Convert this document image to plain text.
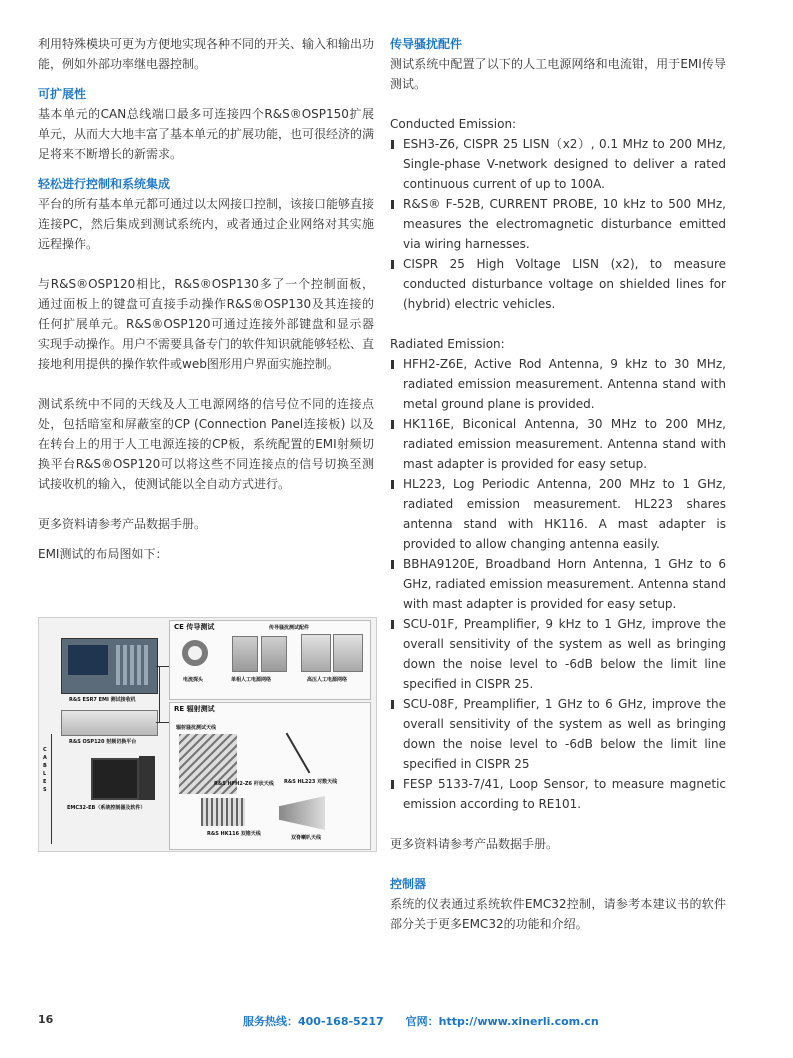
利用特殊模块可更为方便地实现各种不同的开关、输入和输出功能，例如外部功率继电器控制。

可扩展性

基本单元的CAN总线端口最多可连接四个R&S®OSP150扩展单元，从而大大地丰富了基本单元的扩展功能，也可很经济的满足将来不断增长的新需求。

轻松进行控制和系统集成

平台的所有基本单元都可通过以太网接口控制，该接口能够直接连接PC，然后集成到测试系统内，或者通过企业网络对其实施远程操作。

与R&S®OSP120相比，R&S®OSP130多了一个控制面板，通过面板上的键盘可直接手动操作R&S®OSP130及其连接的任何扩展单元。R&S®OSP120可通过连接外部键盘和显示器实现手动操作。用户不需要具备专门的软件知识就能够轻松、直接地利用提供的操作软件或web图形用户界面实施控制。

测试系统中不同的天线及人工电源网络的信号位不同的连接点处，包括暗室和屏蔽室的CP (Connection Panel连接板) 以及在转台上的用于人工电源连接的CP板，系统配置的EMI射频切换平台R&S®OSP120可以将这些不同连接点的信号切换至测试接收机的输入，使测试能以全自动方式进行。

更多资料请参考产品数据手册。

EMI测试的布局图如下：

CE 传导测试	传导骚扰测试配件
电流探头	单相人工电源网络	高压人工电源网络
R&S ESR7 EMI 测试接收机
R&S OSP120 射频切换平台
CABLES
EMC32-EB（系统控制器及软件）
RE 辐射测试
辐射骚扰测试天线
R&S HFH2-Z6 杆状天线 R&S HL223 对数天线
R&S HK116 双锥天线
双脊喇叭天线

传导骚扰配件

测试系统中配置了以下的人工电源网络和电流钳，用于EMI传导测试。

Conducted Emission:

ESH3-Z6, CISPR 25 LISN（x2）, 0.1 MHz to 200 MHz, Single-phase V-network designed to deliver a rated continuous current of up to 100A.
R&S® F-52B, CURRENT PROBE, 10 kHz to 500 MHz, measures the electromagnetic disturbance emitted via wiring harnesses.
CISPR 25 High Voltage LISN (x2), to measure conducted disturbance voltage on shielded lines for (hybrid) electric vehicles.

Radiated Emission:

HFH2-Z6E, Active Rod Antenna, 9 kHz to 30 MHz, radiated emission measurement. Antenna stand with metal ground plane is provided.
HK116E, Biconical Antenna, 30 MHz to 200 MHz, radiated emission measurement. Antenna stand with mast adapter is provided for easy setup.
HL223, Log Periodic Antenna, 200 MHz to 1 GHz, radiated emission measurement. HL223 shares antenna stand with HK116. A mast adapter is provided to allow changing antenna easily.
BBHA9120E, Broadband Horn Antenna, 1 GHz to 6 GHz, radiated emission measurement. Antenna stand with mast adapter is provided for easy setup.
SCU-01F, Preamplifier, 9 kHz to 1 GHz, improve the overall sensitivity of the system as well as bringing down the noise level to -6dB below the limit line specified in CISPR 25.
SCU-08F, Preamplifier, 1 GHz to 6 GHz, improve the overall sensitivity of the system as well as bringing down the noise level to -6dB below the limit line specified in CISPR 25
FESP 5133-7/41, Loop Sensor, to measure magnetic emission according to RE101.

更多资料请参考产品数据手册。

控制器

系统的仪表通过系统软件EMC32控制，请参考本建议书的软件部分关于更多EMC32的功能和介绍。

16	服务热线：400-168-5217　　官网：http://www.xinerli.com.cn
